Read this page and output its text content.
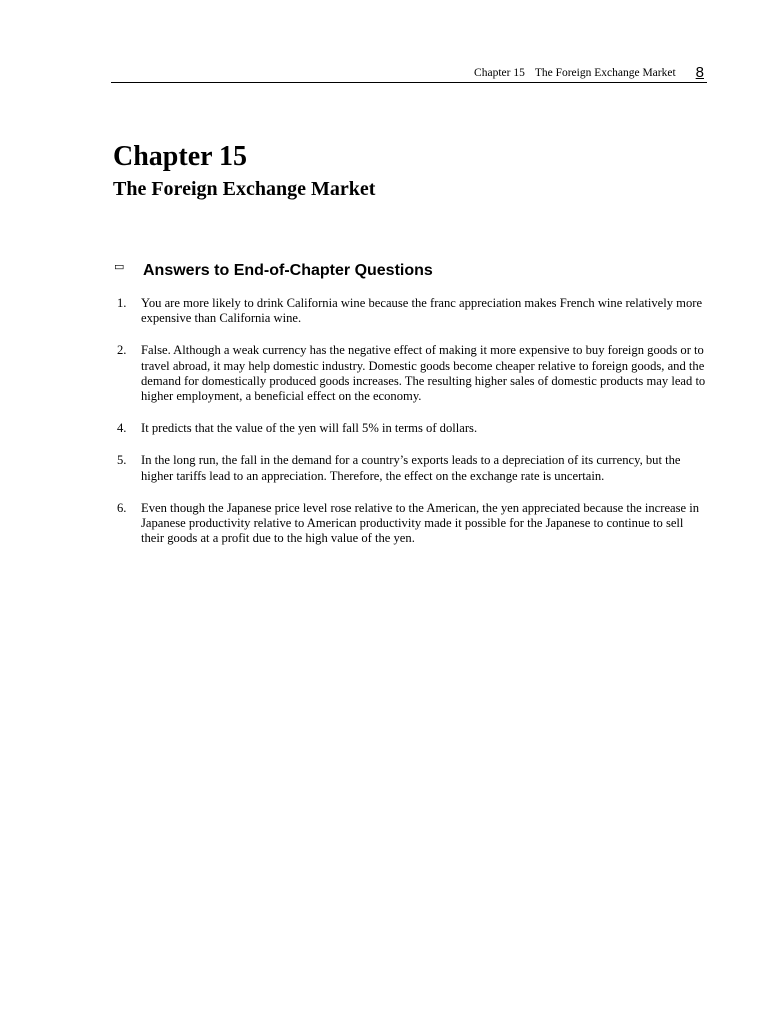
Chapter 15 The Foreign Exchange Market 8
Chapter 15
The Foreign Exchange Market
▭ Answers to End-of-Chapter Questions
1.	You are more likely to drink California wine because the franc appreciation makes French wine relatively more expensive than California wine.
2.	False. Although a weak currency has the negative effect of making it more expensive to buy foreign goods or to travel abroad, it may help domestic industry. Domestic goods become cheaper relative to foreign goods, and the demand for domestically produced goods increases. The resulting higher sales of domestic products may lead to higher employment, a beneficial effect on the economy.
4.	It predicts that the value of the yen will fall 5% in terms of dollars.
5.	In the long run, the fall in the demand for a country’s exports leads to a depreciation of its currency, but the higher tariffs lead to an appreciation. Therefore, the effect on the exchange rate is uncertain.
6.	Even though the Japanese price level rose relative to the American, the yen appreciated because the increase in Japanese productivity relative to American productivity made it possible for the Japanese to continue to sell their goods at a profit due to the high value of the yen.
